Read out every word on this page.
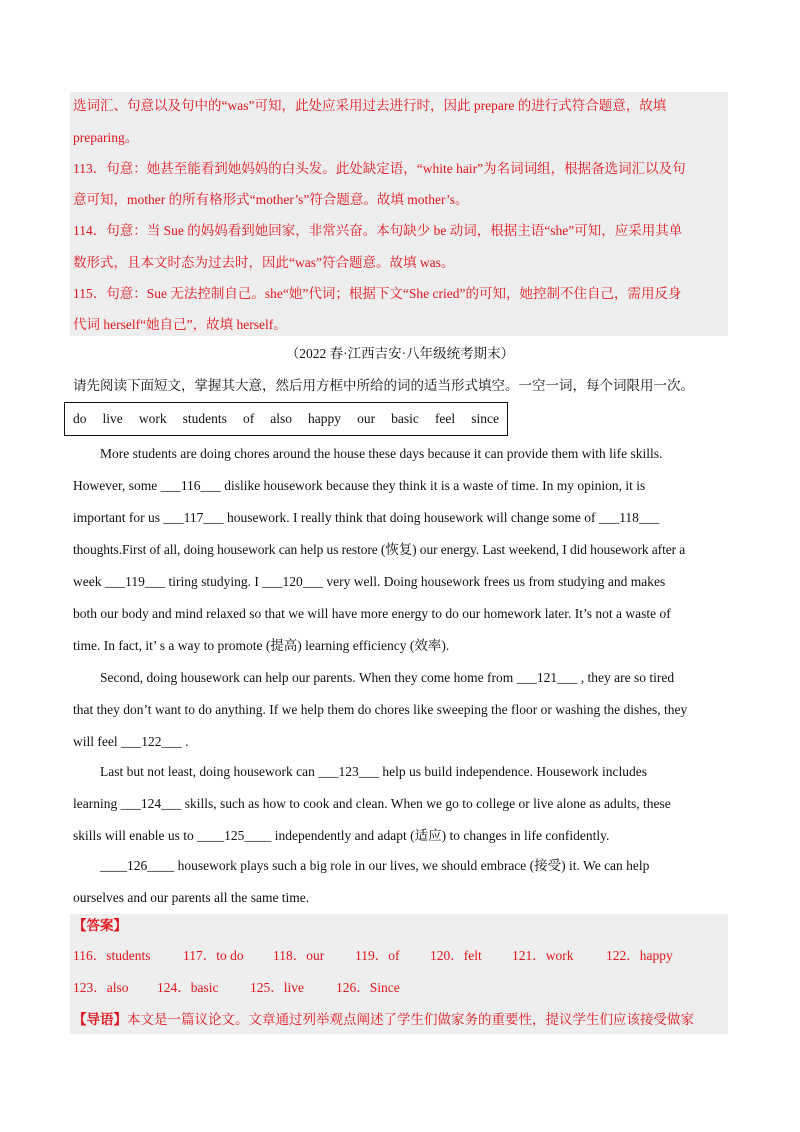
选词汇、句意以及句中的“was”可知，此处应采用过去进行时，因此 prepare 的进行式符合题意，故填
preparing。
113．句意：她甚至能看到她妈妈的白头发。此处缺定语，“white hair”为名词词组，根据备选词汇以及句
意可知，mother 的所有格形式“mother’s”符合题意。故填 mother’s。
114．句意：当 Sue 的妈妈看到她回家，非常兴奋。本句缺少 be 动词，根据主语“she”可知，应采用其单
数形式，且本文时态为过去时，因此“was”符合题意。故填 was。
115．句意：Sue 无法控制自己。she“她”代词；根据下文“She cried”的可知，她控制不住自己，需用反身
代词 herself“她自己”，故填 herself。
（2022 春·江西吉安·八年级统考期末）
请先阅读下面短文，掌握其大意，然后用方框中所给的词的适当形式填空。一空一词，每个词限用一次。
do live work students of also happy our basic feel since
More students are doing chores around the house these days because it can provide them with life skills.
However, some ___116___ dislike housework because they think it is a waste of time. In my opinion, it is
important for us ___117___ housework. I really think that doing housework will change some of ___118___
thoughts.First of all, doing housework can help us restore (恢复) our energy. Last weekend, I did housework after a
week ___119___ tiring studying. I ___120___ very well. Doing housework frees us from studying and makes
both our body and mind relaxed so that we will have more energy to do our homework later. It’s not a waste of
time. In fact, it’ s a way to promote (提高) learning efficiency (效率).
Second, doing housework can help our parents. When they come home from ___121___ , they are so tired
that they don’t want to do anything. If we help them do chores like sweeping the floor or washing the dishes, they
will feel ___122___ .
Last but not least, doing housework can ___123___ help us build independence. Housework includes
learning ___124___ skills, such as how to cook and clean. When we go to college or live alone as adults, these
skills will enable us to ____125____ independently and adapt (适应) to changes in life confidently.
____126____ housework plays such a big role in our lives, we should embrace (接受) it. We can help
ourselves and our parents all the same time.
【答案】
116．students 117．to do 118．our 119．of 120．felt 121．work 122．happy
123．also 124．basic 125．live 126．Since
【导语】本文是一篇议论文。文章通过列举观点阐述了学生们做家务的重要性，提议学生们应该接受做家
